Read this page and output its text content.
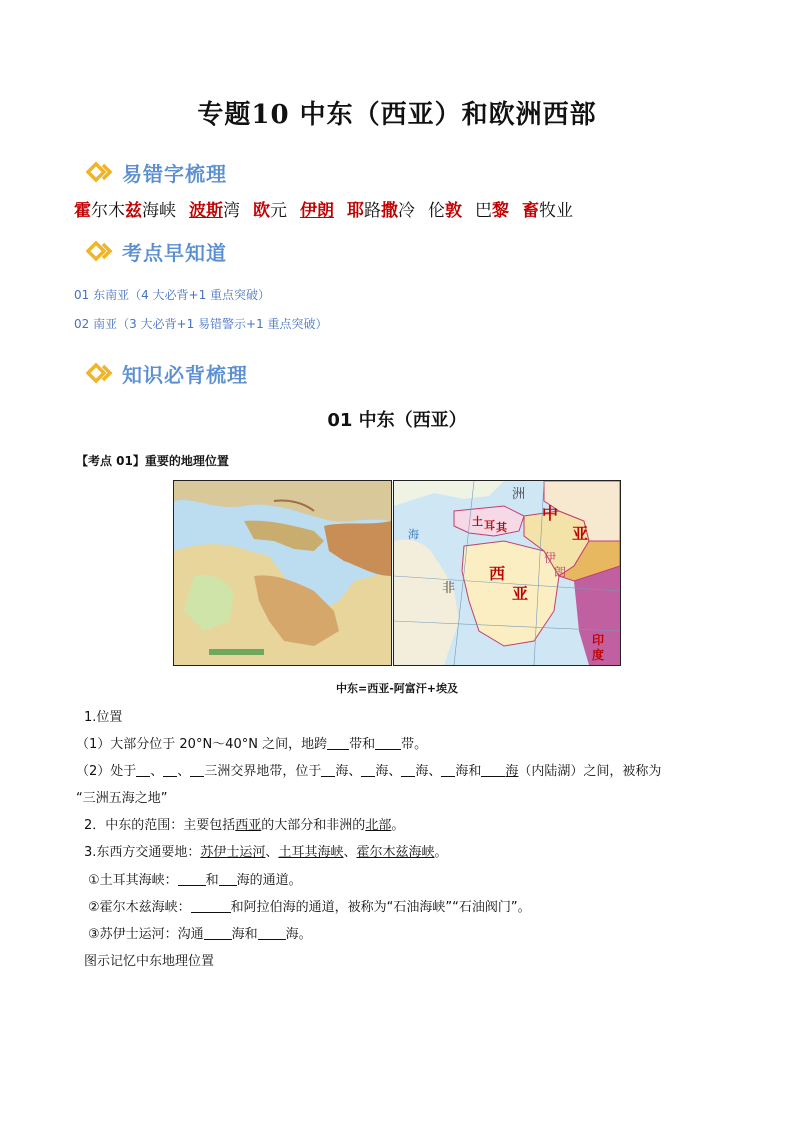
专题10 中东（西亚）和欧洲西部
易错字梳理
霍尔木兹海峡 波斯湾 欧元 伊朗 耶路撒冷 伦敦 巴黎 畜牧业
考点早知道
01 东南亚（4 大必背+1 重点突破）
02 南亚（3 大必背+1 易错警示+1 重点突破）
知识必背梳理
01 中东（西亚）
【考点 01】重要的地理位置
中
亚
西
亚
土 耳 其
非
洲
印
度
伊
朗
海
中东=西亚-阿富汗+埃及
1.位置
（1）大部分位于 20°N～40°N 之间，地跨 带和 带。
（2）处于 、 、 三洲交界地带，位于 海、 海、 海、 海和 海（内陆湖）之间，被称为
“三洲五海之地”
2．中东的范围：主要包括西亚的大部分和非洲的北部。
3.东西方交通要地：苏伊士运河、土耳其海峡、霍尔木兹海峡。
①土耳其海峡： 和 海的通道。
②霍尔木兹海峡：	和阿拉伯海的通道，被称为“石油海峡”“石油阀门”。
③苏伊士运河：沟通 海和 海。
图示记忆中东地理位置
